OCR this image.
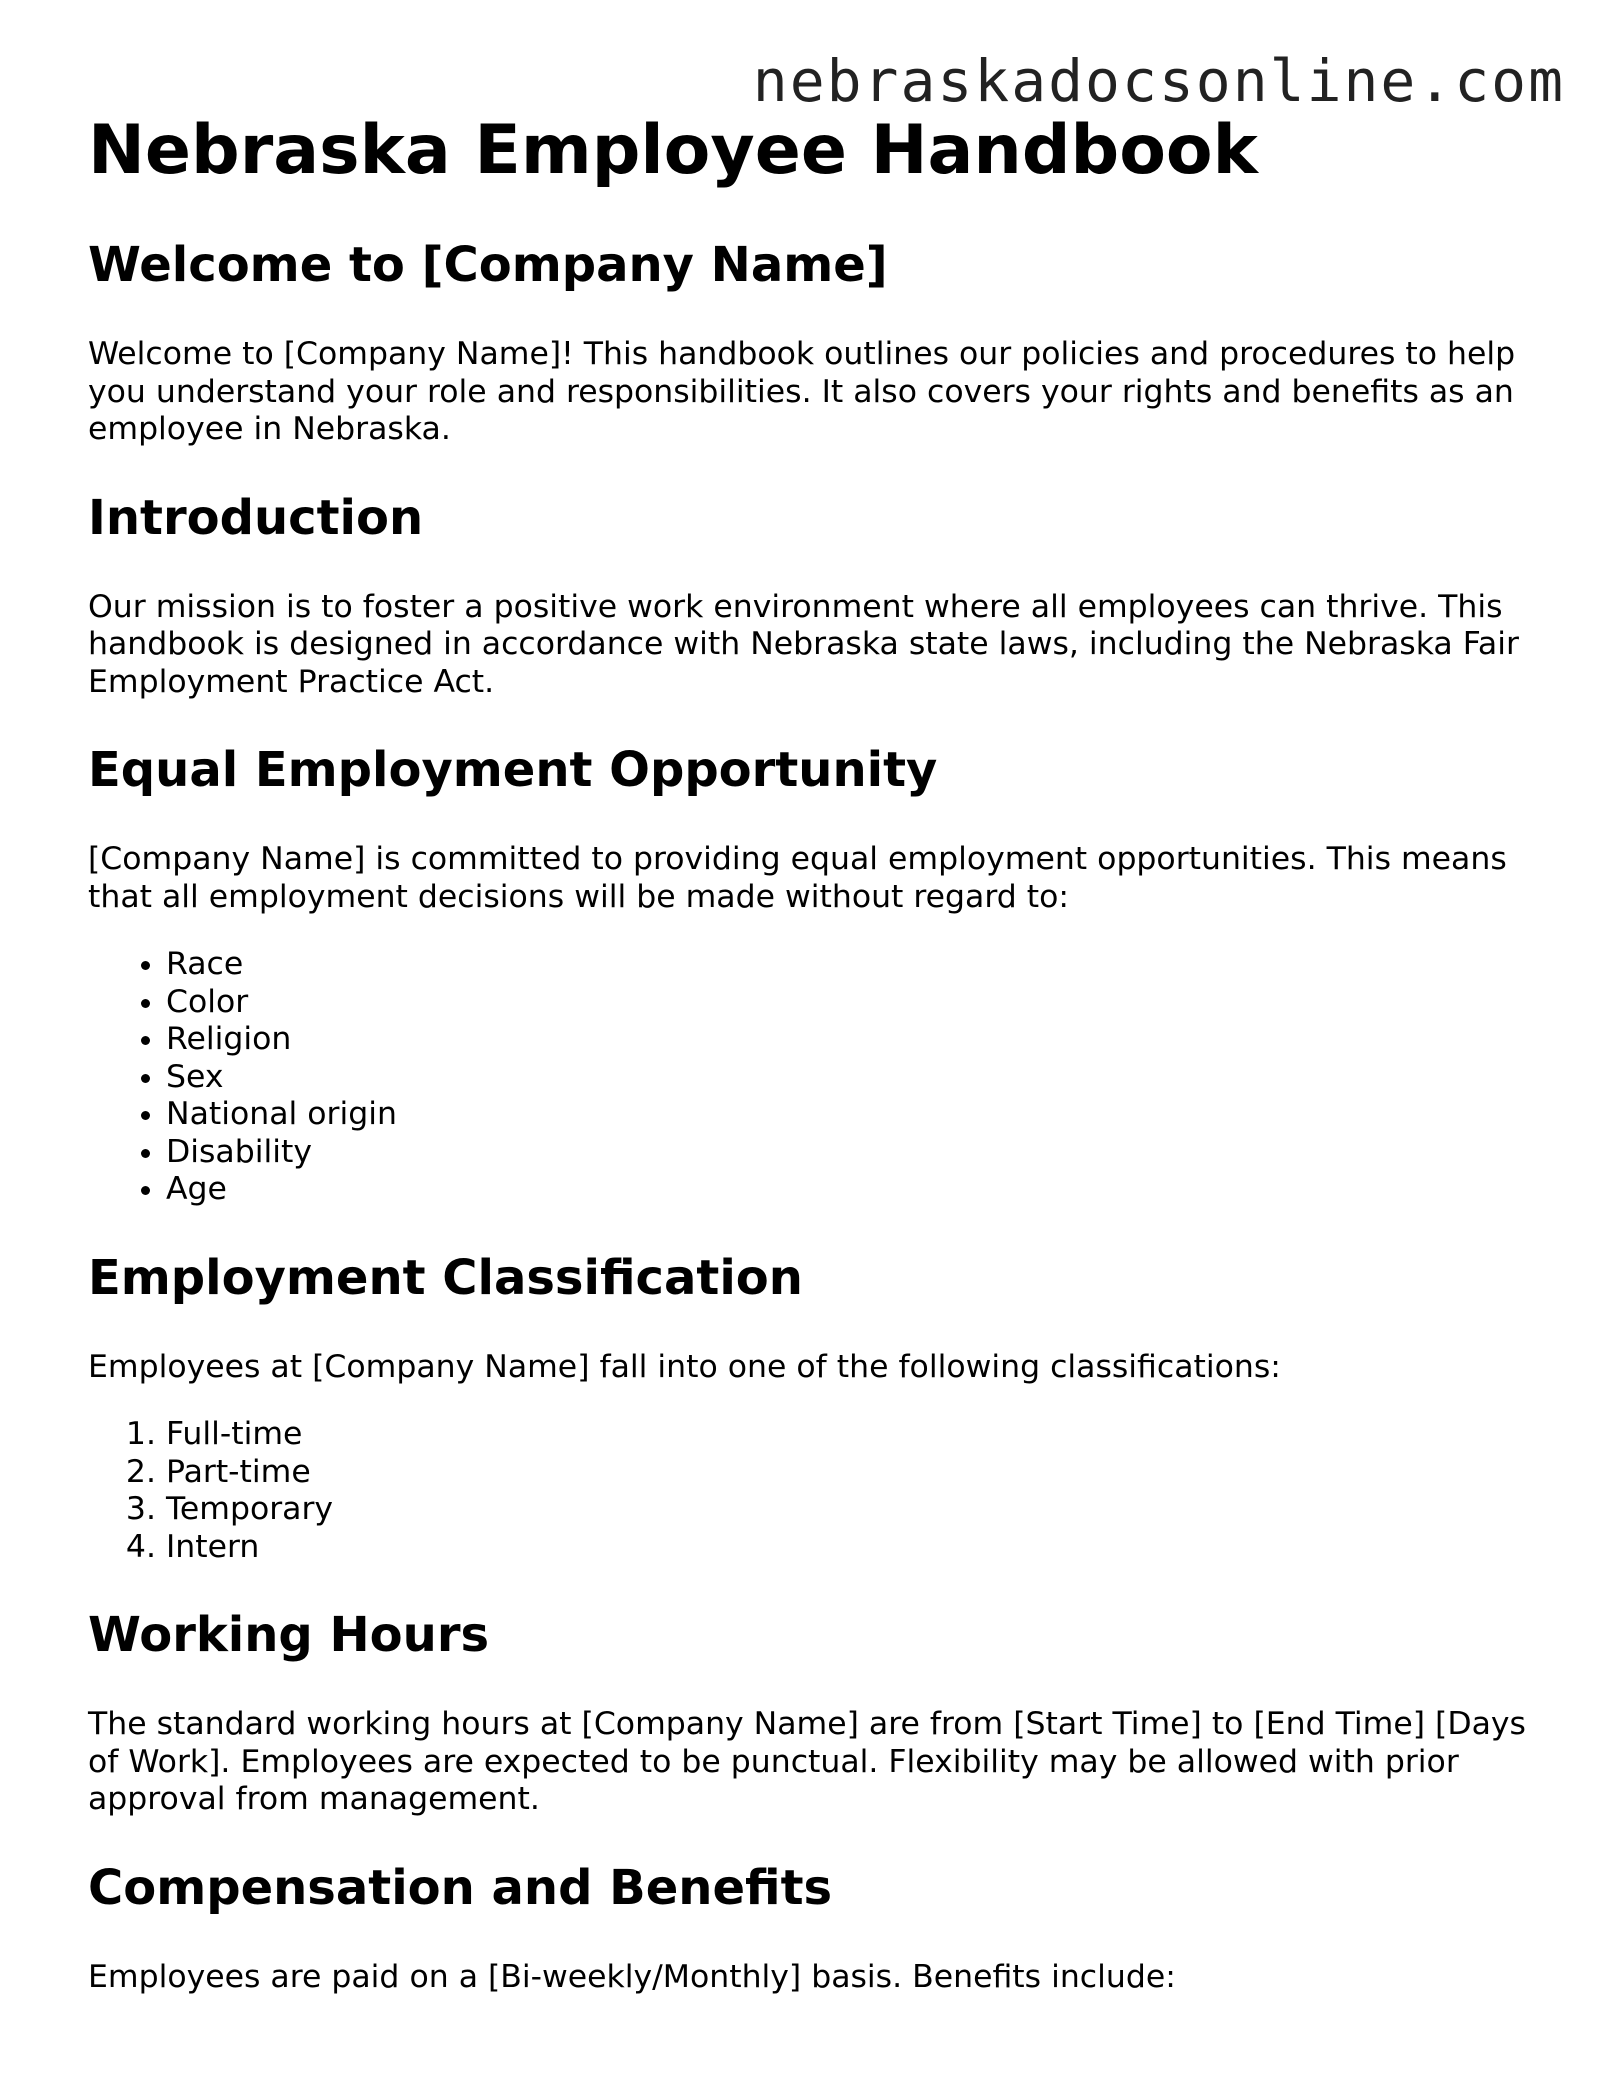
nebraskadocsonline.com
Nebraska Employee Handbook
Welcome to [Company Name]

Welcome to [Company Name]! This handbook outlines our policies and procedures to help you understand your role and responsibilities. It also covers your rights and benefits as an employee in Nebraska.

Introduction

Our mission is to foster a positive work environment where all employees can thrive. This handbook is designed in accordance with Nebraska state laws, including the Nebraska Fair Employment Practice Act.

Equal Employment Opportunity

[Company Name] is committed to providing equal employment opportunities. This means that all employment decisions will be made without regard to:

• Race
• Color
• Religion
• Sex
• National origin
• Disability
• Age
Employment Classification

Employees at [Company Name] fall into one of the following classifications:

1. Full-time
2. Part-time
3. Temporary
4. Intern
Working Hours

The standard working hours at [Company Name] are from [Start Time] to [End Time] [Days of Work]. Employees are expected to be punctual. Flexibility may be allowed with prior approval from management.

Compensation and Benefits

Employees are paid on a [Bi-weekly/Monthly] basis. Benefits include:
